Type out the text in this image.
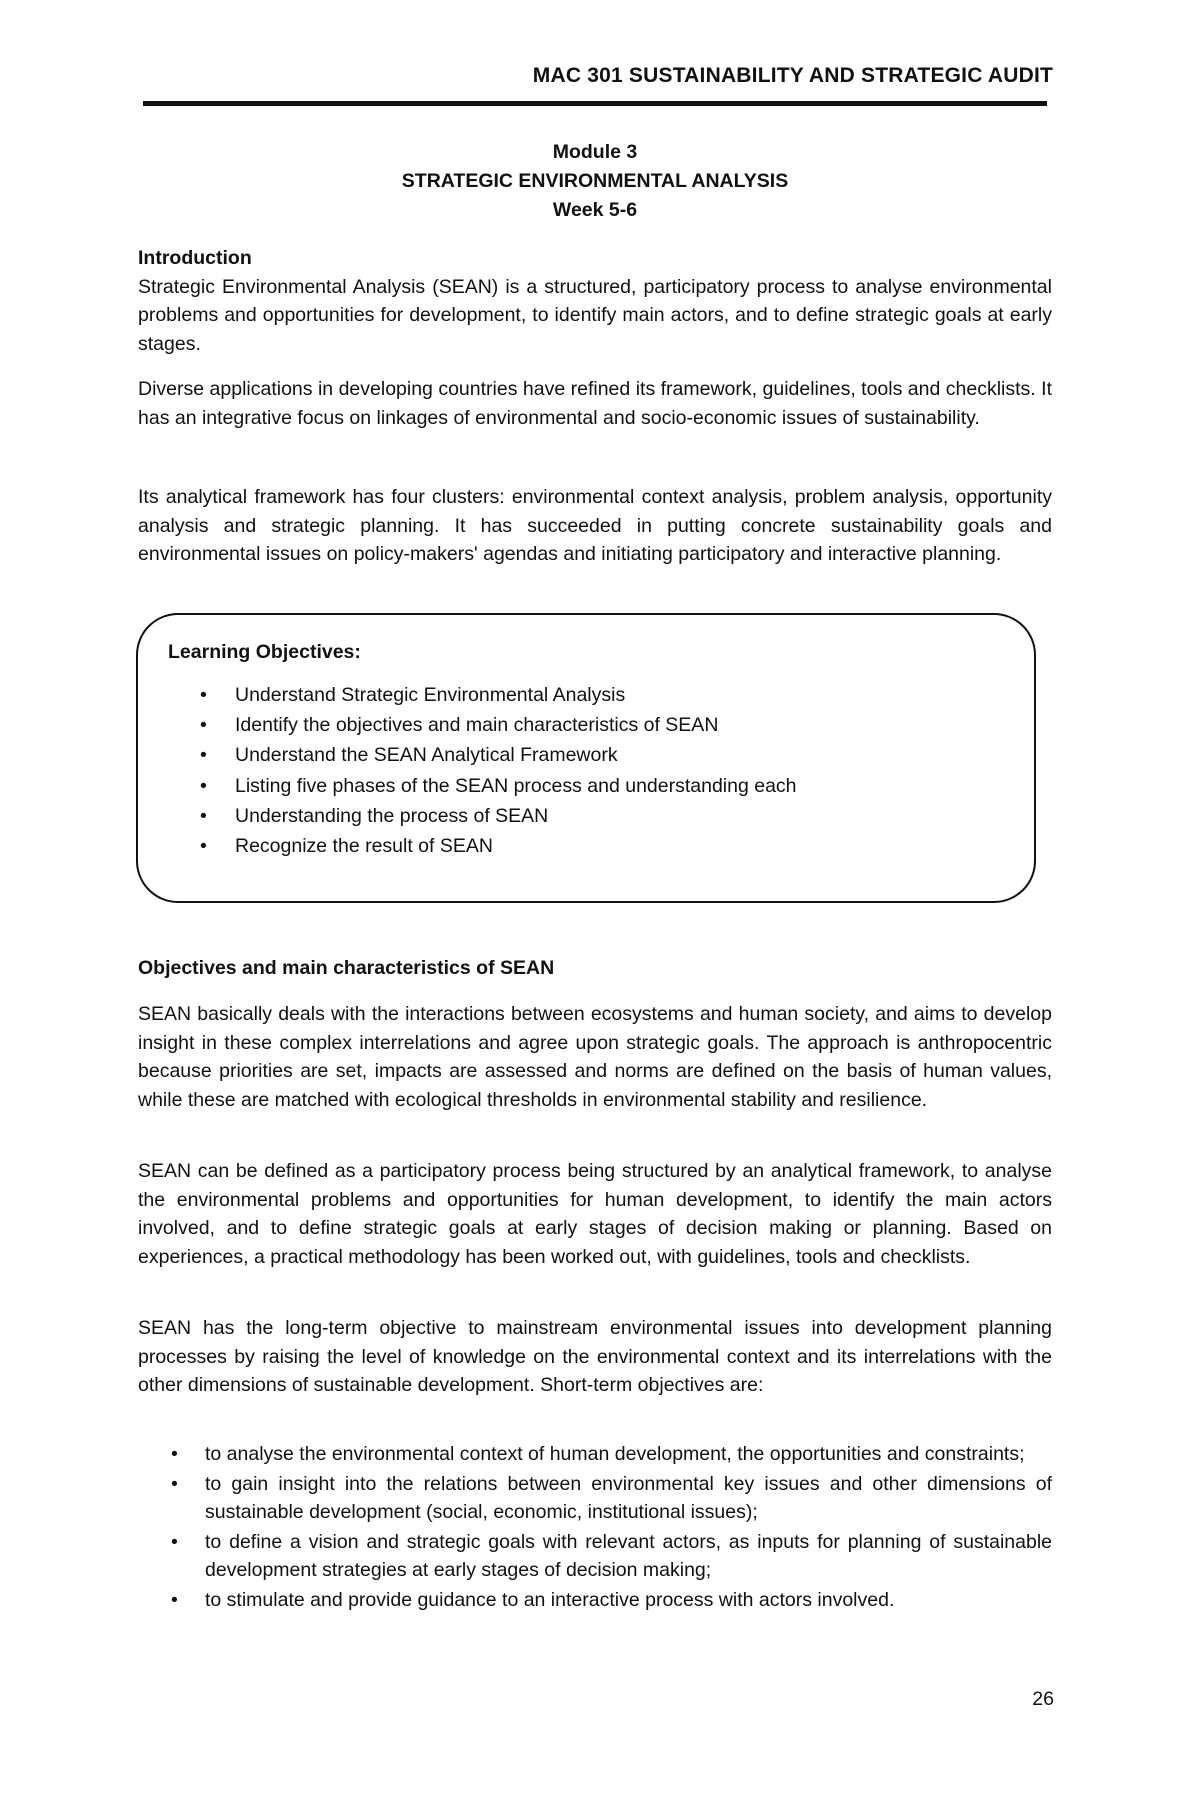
MAC 301 SUSTAINABILITY AND STRATEGIC AUDIT
Module 3
STRATEGIC ENVIRONMENTAL ANALYSIS
Week 5-6
Introduction

Strategic Environmental Analysis (SEAN) is a structured, participatory process to analyse environmental problems and opportunities for development, to identify main actors, and to define strategic goals at early stages.

Diverse applications in developing countries have refined its framework, guidelines, tools and checklists. It has an integrative focus on linkages of environmental and socio-economic issues of sustainability.

Its analytical framework has four clusters: environmental context analysis, problem analysis, opportunity analysis and strategic planning. It has succeeded in putting concrete sustainability goals and environmental issues on policy-makers' agendas and initiating participatory and interactive planning.

Learning Objectives:
• Understand Strategic Environmental Analysis
• Identify the objectives and main characteristics of SEAN
• Understand the SEAN Analytical Framework
• Listing five phases of the SEAN process and understanding each
• Understanding the process of SEAN
• Recognize the result of SEAN
Objectives and main characteristics of SEAN

SEAN basically deals with the interactions between ecosystems and human society, and aims to develop insight in these complex interrelations and agree upon strategic goals. The approach is anthropocentric because priorities are set, impacts are assessed and norms are defined on the basis of human values, while these are matched with ecological thresholds in environmental stability and resilience.

SEAN can be defined as a participatory process being structured by an analytical framework, to analyse the environmental problems and opportunities for human development, to identify the main actors involved, and to define strategic goals at early stages of decision making or planning. Based on experiences, a practical methodology has been worked out, with guidelines, tools and checklists.

SEAN has the long-term objective to mainstream environmental issues into development planning processes by raising the level of knowledge on the environmental context and its interrelations with the other dimensions of sustainable development. Short-term objectives are:

• to analyse the environmental context of human development, the opportunities and constraints;
• to gain insight into the relations between environmental key issues and other dimensions of sustainable development (social, economic, institutional issues);
• to define a vision and strategic goals with relevant actors, as inputs for planning of sustainable development strategies at early stages of decision making;
• to stimulate and provide guidance to an interactive process with actors involved.
26
